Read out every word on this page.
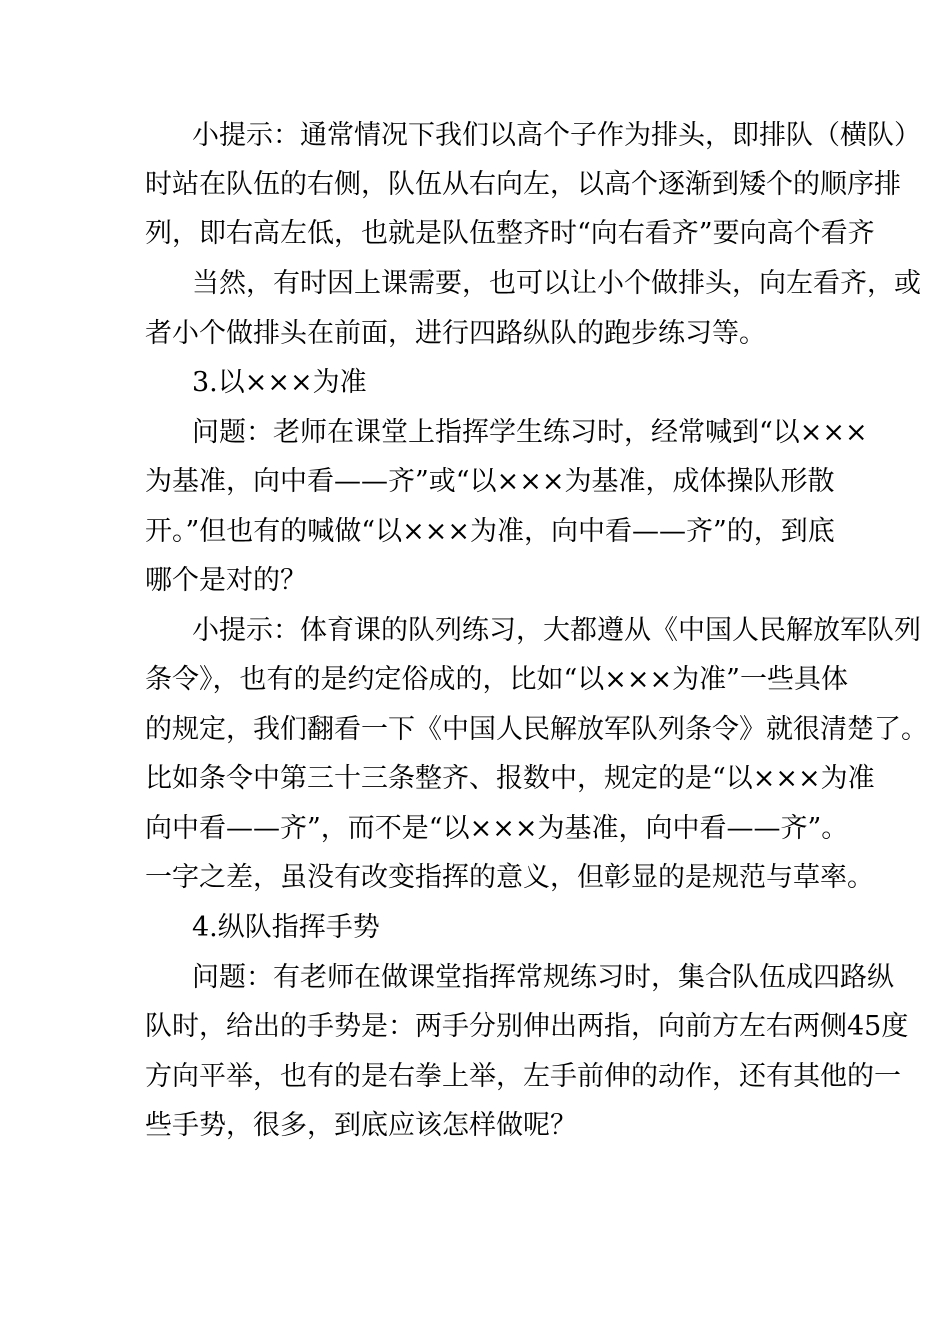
小提示：通常情况下我们以高个子作为排头，即排队（横队）
时站在队伍的右侧，队伍从右向左，以高个逐渐到矮个的顺序排
列，即右高左低，也就是队伍整齐时“向右看齐”要向高个看齐
当然，有时因上课需要，也可以让小个做排头，向左看齐，或
者小个做排头在前面，进行四路纵队的跑步练习等。
3.以×××为准
问题：老师在课堂上指挥学生练习时，经常喊到“以×××
为基准，向中看——齐”或“以×××为基准，成体操队形散
开。”但也有的喊做“以×××为准，向中看——齐”的，到底
哪个是对的？
小提示：体育课的队列练习，大都遵从《中国人民解放军队列
条令》，也有的是约定俗成的，比如“以×××为准”一些具体
的规定，我们翻看一下《中国人民解放军队列条令》就很清楚了。
比如条令中第三十三条整齐、报数中，规定的是“以×××为准
向中看——齐”，而不是“以×××为基准，向中看——齐”。
一字之差，虽没有改变指挥的意义，但彰显的是规范与草率。
4.纵队指挥手势
问题：有老师在做课堂指挥常规练习时，集合队伍成四路纵
队时，给出的手势是：两手分别伸出两指，向前方左右两侧45度
方向平举，也有的是右拳上举，左手前伸的动作，还有其他的一
些手势，很多，到底应该怎样做呢？
